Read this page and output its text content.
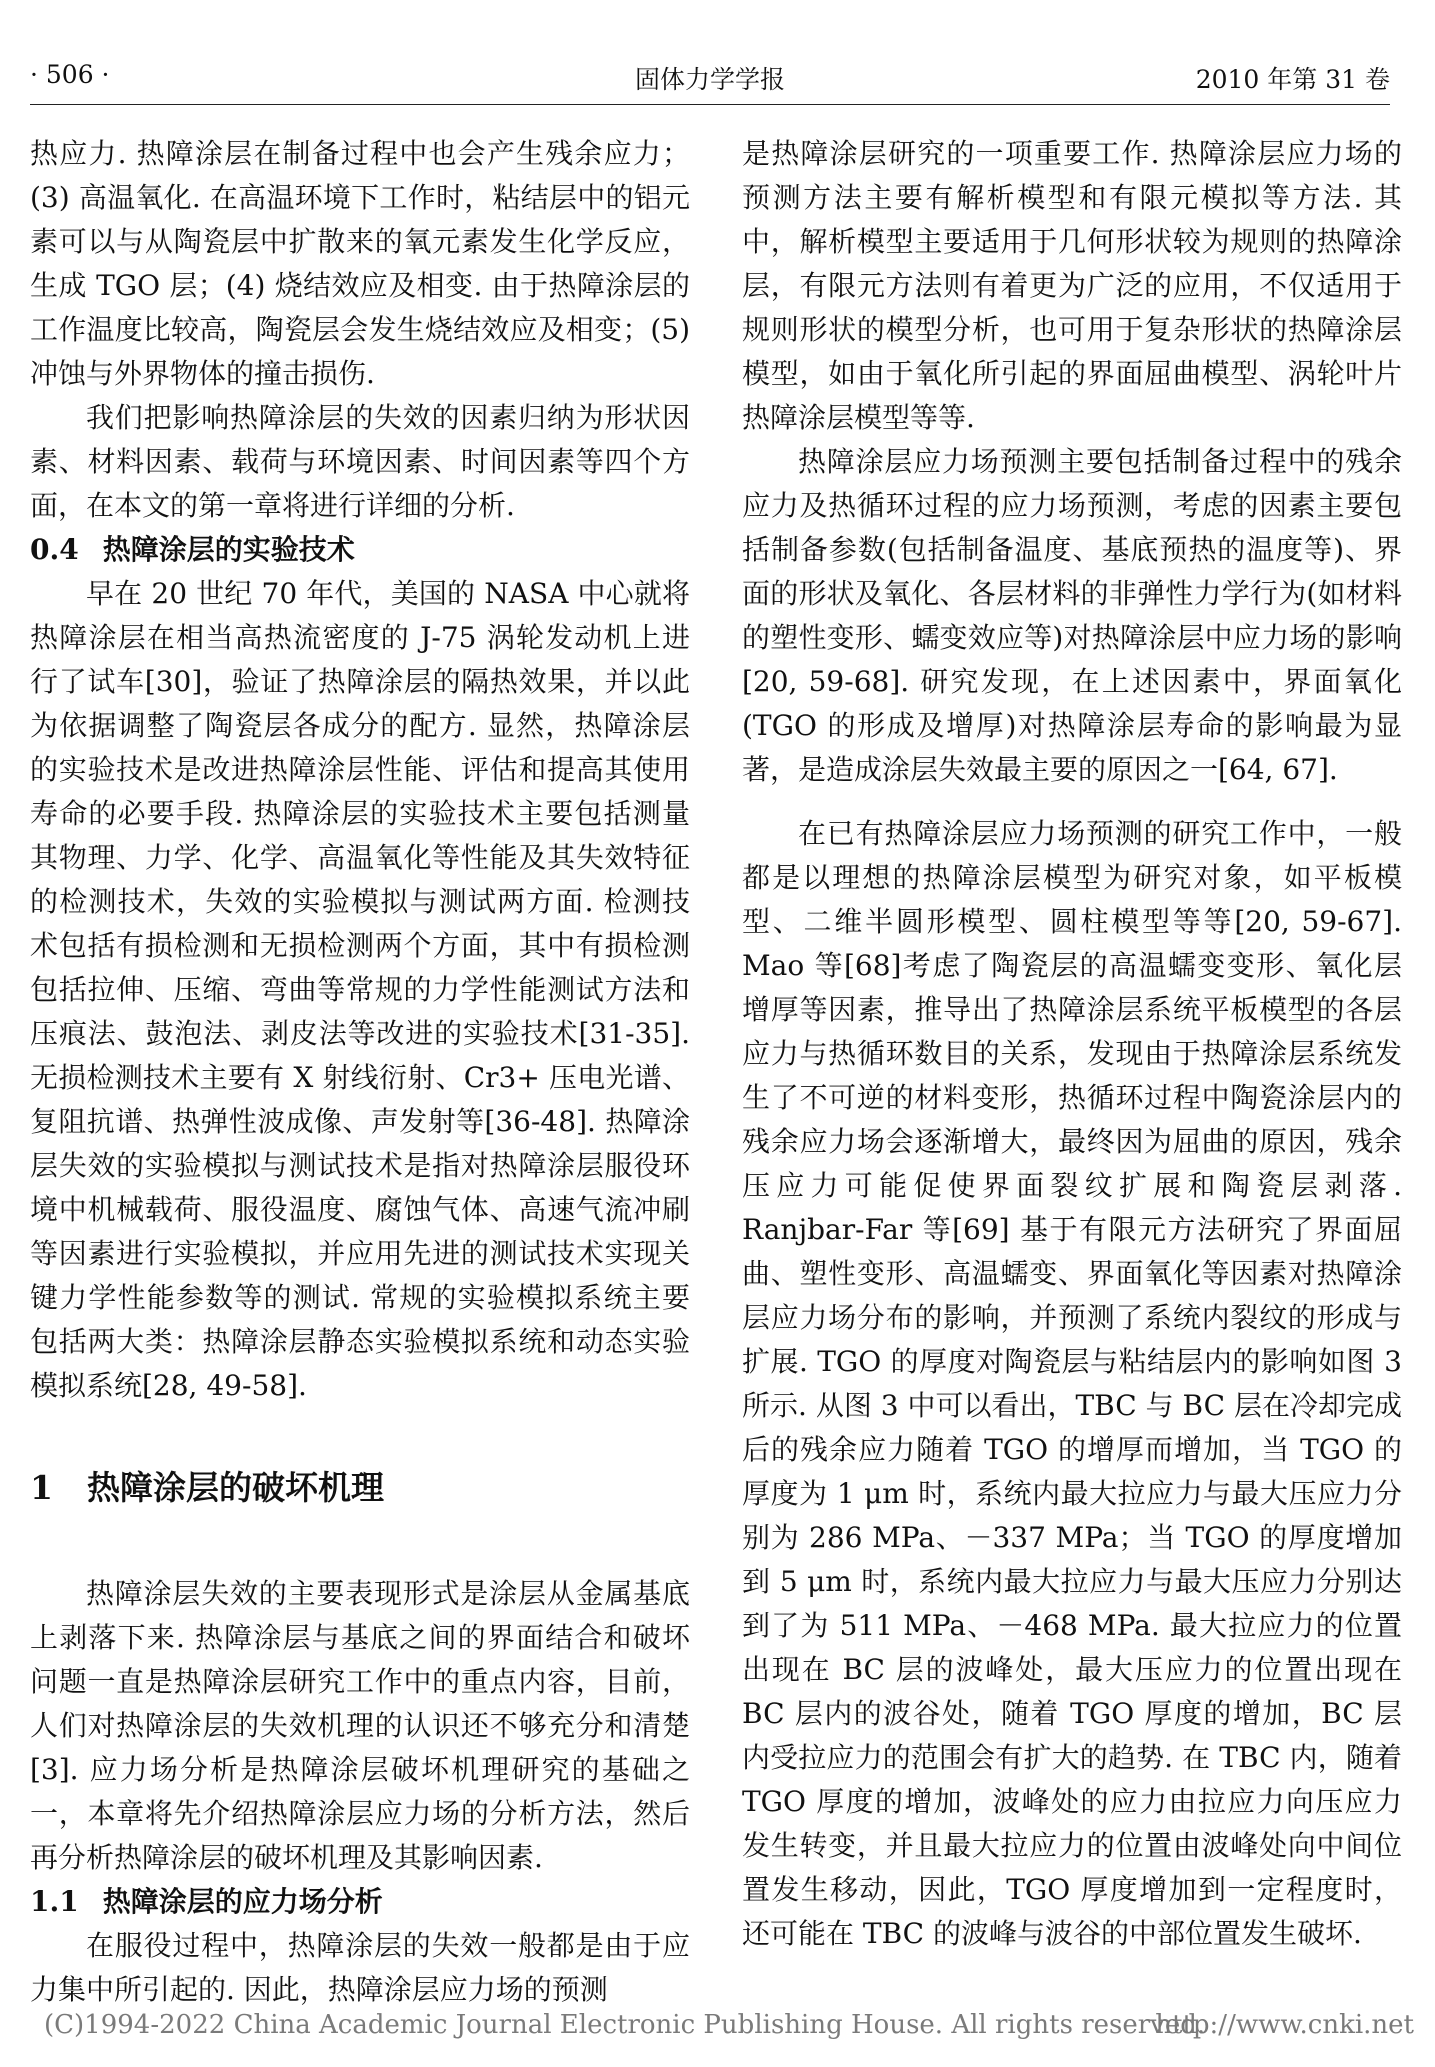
固体力学学报
· 506 ·	2010 年第 31 卷

热应力. 热障涂层在制备过程中也会产生残余应力；(3) 高温氧化. 在高温环境下工作时，粘结层中的铝元素可以与从陶瓷层中扩散来的氧元素发生化学反应，生成 TGO 层；(4) 烧结效应及相变. 由于热障涂层的工作温度比较高，陶瓷层会发生烧结效应及相变；(5) 冲蚀与外界物体的撞击损伤.

我们把影响热障涂层的失效的因素归纳为形状因素、材料因素、载荷与环境因素、时间因素等四个方面，在本文的第一章将进行详细的分析.

0.4 热障涂层的实验技术

早在 20 世纪 70 年代，美国的 NASA 中心就将热障涂层在相当高热流密度的 J-75 涡轮发动机上进行了试车[30]，验证了热障涂层的隔热效果，并以此为依据调整了陶瓷层各成分的配方. 显然，热障涂层的实验技术是改进热障涂层性能、评估和提高其使用寿命的必要手段. 热障涂层的实验技术主要包括测量其物理、力学、化学、高温氧化等性能及其失效特征的检测技术，失效的实验模拟与测试两方面. 检测技术包括有损检测和无损检测两个方面，其中有损检测包括拉伸、压缩、弯曲等常规的力学性能测试方法和压痕法、鼓泡法、剥皮法等改进的实验技术[31-35]. 无损检测技术主要有 X 射线衍射、Cr3+ 压电光谱、复阻抗谱、热弹性波成像、声发射等[36-48]. 热障涂层失效的实验模拟与测试技术是指对热障涂层服役环境中机械载荷、服役温度、腐蚀气体、高速气流冲刷等因素进行实验模拟，并应用先进的测试技术实现关键力学性能参数等的测试. 常规的实验模拟系统主要包括两大类：热障涂层静态实验模拟系统和动态实验模拟系统[28, 49-58].

1 热障涂层的破坏机理

热障涂层失效的主要表现形式是涂层从金属基底上剥落下来. 热障涂层与基底之间的界面结合和破坏问题一直是热障涂层研究工作中的重点内容，目前，人们对热障涂层的失效机理的认识还不够充分和清楚[3]. 应力场分析是热障涂层破坏机理研究的基础之一，本章将先介绍热障涂层应力场的分析方法，然后再分析热障涂层的破坏机理及其影响因素.

1.1 热障涂层的应力场分析

在服役过程中，热障涂层的失效一般都是由于应力集中所引起的. 因此，热障涂层应力场的预测

是热障涂层研究的一项重要工作. 热障涂层应力场的预测方法主要有解析模型和有限元模拟等方法. 其中，解析模型主要适用于几何形状较为规则的热障涂层，有限元方法则有着更为广泛的应用，不仅适用于规则形状的模型分析，也可用于复杂形状的热障涂层模型，如由于氧化所引起的界面屈曲模型、涡轮叶片热障涂层模型等等.

热障涂层应力场预测主要包括制备过程中的残余应力及热循环过程的应力场预测，考虑的因素主要包括制备参数(包括制备温度、基底预热的温度等)、界面的形状及氧化、各层材料的非弹性力学行为(如材料的塑性变形、蠕变效应等)对热障涂层中应力场的影响[20, 59-68]. 研究发现，在上述因素中，界面氧化(TGO 的形成及增厚)对热障涂层寿命的影响最为显著，是造成涂层失效最主要的原因之一[64, 67].

在已有热障涂层应力场预测的研究工作中，一般都是以理想的热障涂层模型为研究对象，如平板模型、二维半圆形模型、圆柱模型等等[20, 59-67]. Mao 等[68]考虑了陶瓷层的高温蠕变变形、氧化层增厚等因素，推导出了热障涂层系统平板模型的各层应力与热循环数目的关系，发现由于热障涂层系统发生了不可逆的材料变形，热循环过程中陶瓷涂层内的残余应力场会逐渐增大，最终因为屈曲的原因，残余压应力可能促使界面裂纹扩展和陶瓷层剥落. Ranjbar-Far 等[69] 基于有限元方法研究了界面屈曲、塑性变形、高温蠕变、界面氧化等因素对热障涂层应力场分布的影响，并预测了系统内裂纹的形成与扩展. TGO 的厚度对陶瓷层与粘结层内的影响如图 3 所示. 从图 3 中可以看出，TBC 与 BC 层在冷却完成后的残余应力随着 TGO 的增厚而增加，当 TGO 的厚度为 1 μm 时，系统内最大拉应力与最大压应力分别为 286 MPa、－337 MPa；当 TGO 的厚度增加到 5 μm 时，系统内最大拉应力与最大压应力分别达到了为 511 MPa、－468 MPa. 最大拉应力的位置出现在 BC 层的波峰处，最大压应力的位置出现在 BC 层内的波谷处，随着 TGO 厚度的增加，BC 层内受拉应力的范围会有扩大的趋势. 在 TBC 内，随着 TGO 厚度的增加，波峰处的应力由拉应力向压应力发生转变，并且最大拉应力的位置由波峰处向中间位置发生移动，因此，TGO 厚度增加到一定程度时，还可能在 TBC 的波峰与波谷的中部位置发生破坏.

(C)1994-2022 China Academic Journal Electronic Publishing House. All rights reserved.
http://www.cnki.net
